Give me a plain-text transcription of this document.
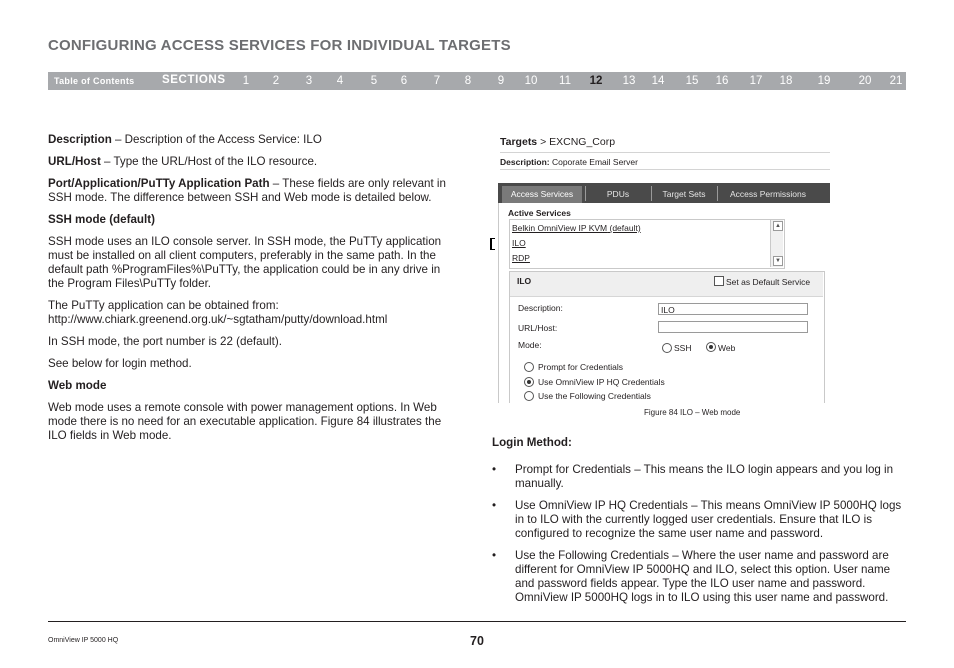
CONFIGURING ACCESS SERVICES FOR INDIVIDUAL TARGETS
Table of Contents SECTIONS 1 2 3 4 5 6 7 8 9 10 11 12 13 14 15 16 17 18 19 20 21

Description – Description of the Access Service: ILO

URL/Host – Type the URL/Host of the ILO resource.

Port/Application/PuTTy Application Path – These fields are only relevant in SSH mode. The difference between SSH and Web mode is detailed below.

SSH mode (default)

SSH mode uses an ILO console server. In SSH mode, the PuTTy application must be installed on all client computers, preferably in the same path. In the default path %ProgramFiles%\PuTTy, the application could be in any drive in the Program Files\PuTTy folder.

The PuTTy application can be obtained from:
http://www.chiark.greenend.org.uk/~sgtatham/putty/download.html

In SSH mode, the port number is 22 (default).

See below for login method.

Web mode

Web mode uses a remote console with power management options. In Web mode there is no need for an executable application. Figure 84 illustrates the ILO fields in Web mode.

Targets > EXCNG_Corp
Description: Coporate Email Server
Access Services	PDUs	Target Sets	Access Permissions
Active Services
Belkin OmniView IP KVM (default)
ILO
RDP
▲
▼
ILO	Set as Default Service
Description:	ILO
URL/Host:
Mode:	SSH	Web
Prompt for Credentials
Use OmniView IP HQ Credentials
Use the Following Credentials
Figure 84 ILO – Web mode

Login Method:

• Prompt for Credentials – This means the ILO login appears and you log in manually.
• Use OmniView IP HQ Credentials – This means OmniView IP 5000HQ logs in to ILO with the currently logged user credentials. Ensure that ILO is configured to recognize the same user name and password.
• Use the Following Credentials – Where the user name and password are different for OmniView IP 5000HQ and ILO, select this option. User name and password fields appear. Type the ILO user name and password. OmniView IP 5000HQ logs in to ILO using this user name and password.
OmniView IP 5000 HQ	70
